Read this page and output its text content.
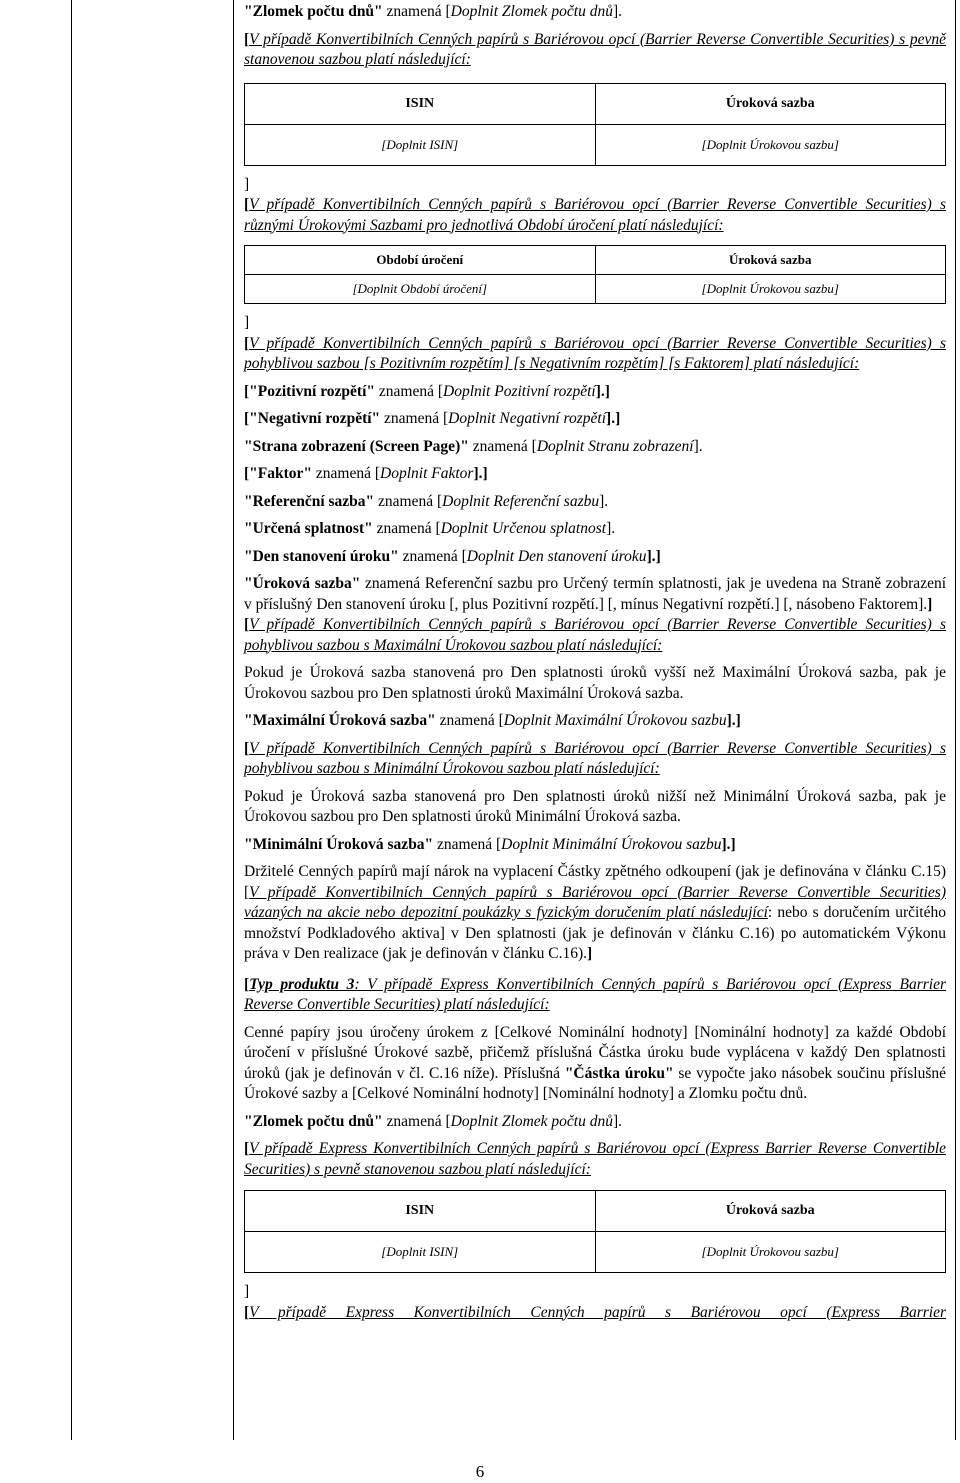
"Zlomek počtu dnů" znamená [Doplnit Zlomek počtu dnů].

[V případě Konvertibilních Cenných papírů s Bariérovou opcí (Barrier Reverse Convertible Securities) s pevně stanovenou sazbou platí následující:

ISIN	Úroková sazba
[Doplnit ISIN]	[Doplnit Úrokovou sazbu]

]

[V případě Konvertibilních Cenných papírů s Bariérovou opcí (Barrier Reverse Convertible Securities) s různými Úrokovými Sazbami pro jednotlivá Období úročení platí následující:

Období úročení	Úroková sazba
[Doplnit Období úročení]	[Doplnit Úrokovou sazbu]

]

[V případě Konvertibilních Cenných papírů s Bariérovou opcí (Barrier Reverse Convertible Securities) s pohyblivou sazbou [s Pozitivním rozpětím] [s Negativním rozpětím] [s Faktorem] platí následující:

["Pozitivní rozpětí" znamená [Doplnit Pozitivní rozpětí].]

["Negativní rozpětí" znamená [Doplnit Negativní rozpětí].]

"Strana zobrazení (Screen Page)" znamená [Doplnit Stranu zobrazení].

["Faktor" znamená [Doplnit Faktor].]

"Referenční sazba" znamená [Doplnit Referenční sazbu].

"Určená splatnost" znamená [Doplnit Určenou splatnost].

"Den stanovení úroku" znamená [Doplnit Den stanovení úroku].]

"Úroková sazba" znamená Referenční sazbu pro Určený termín splatnosti, jak je uvedena na Straně zobrazení v příslušný Den stanovení úroku [, plus Pozitivní rozpětí.] [, mínus Negativní rozpětí.] [, násobeno Faktorem].]

[V případě Konvertibilních Cenných papírů s Bariérovou opcí (Barrier Reverse Convertible Securities) s pohyblivou sazbou s Maximální Úrokovou sazbou platí následující:

Pokud je Úroková sazba stanovená pro Den splatnosti úroků vyšší než Maximální Úroková sazba, pak je Úrokovou sazbou pro Den splatnosti úroků Maximální Úroková sazba.

"Maximální Úroková sazba" znamená [Doplnit Maximální Úrokovou sazbu].]

[V případě Konvertibilních Cenných papírů s Bariérovou opcí (Barrier Reverse Convertible Securities) s pohyblivou sazbou s Minimální Úrokovou sazbou platí následující:

Pokud je Úroková sazba stanovená pro Den splatnosti úroků nižší než Minimální Úroková sazba, pak je Úrokovou sazbou pro Den splatnosti úroků Minimální Úroková sazba.

"Minimální Úroková sazba" znamená [Doplnit Minimální Úrokovou sazbu].]

Držitelé Cenných papírů mají nárok na vyplacení Částky zpětného odkoupení (jak je definována v článku C.15) [V případě Konvertibilních Cenných papírů s Bariérovou opcí (Barrier Reverse Convertible Securities) vázaných na akcie nebo depozitní poukázky s fyzickým doručením platí následující: nebo s doručením určitého množství Podkladového aktiva] v Den splatnosti (jak je definován v článku C.16) po automatickém Výkonu práva v Den realizace (jak je definován v článku C.16).]

[Typ produktu 3: V případě Express Konvertibilních Cenných papírů s Bariérovou opcí (Express Barrier Reverse Convertible Securities) platí následující:

Cenné papíry jsou úročeny úrokem z [Celkové Nominální hodnoty] [Nominální hodnoty] za každé Období úročení v příslušné Úrokové sazbě, přičemž příslušná Částka úroku bude vyplácena v každý Den splatnosti úroků (jak je definován v čl. C.16 níže). Příslušná "Částka úroku" se vypočte jako násobek součinu příslušné Úrokové sazby a [Celkové Nominální hodnoty] [Nominální hodnoty] a Zlomku počtu dnů.

"Zlomek počtu dnů" znamená [Doplnit Zlomek počtu dnů].

[V případě Express Konvertibilních Cenných papírů s Bariérovou opcí (Express Barrier Reverse Convertible Securities) s pevně stanovenou sazbou platí následující:

ISIN	Úroková sazba
[Doplnit ISIN]	[Doplnit Úrokovou sazbu]

]

[V případě Express Konvertibilních Cenných papírů s Bariérovou opcí (Express Barrier

6
